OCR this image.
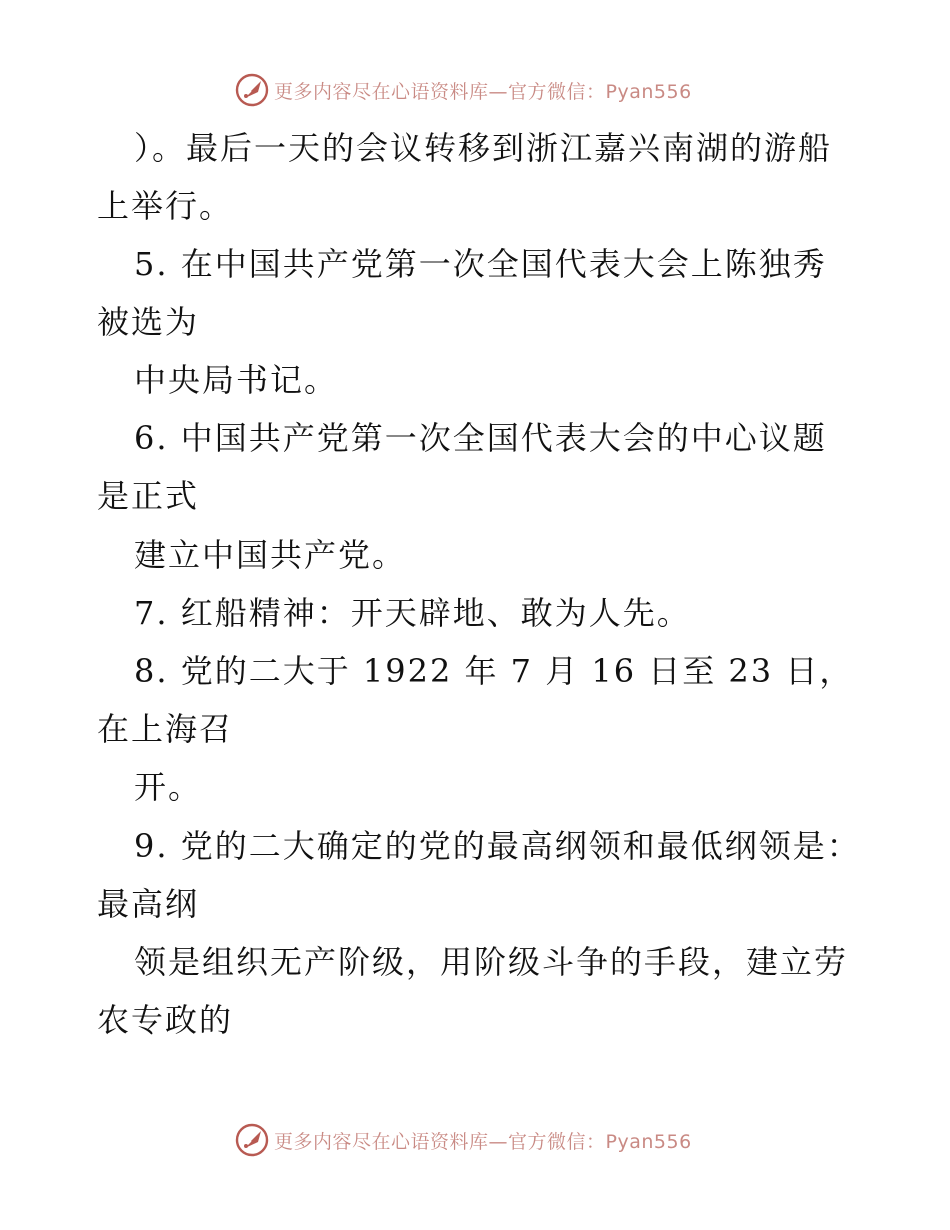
更多内容尽在心语资料库—官方微信：Pyan556
）。最后一天的会议转移到浙江嘉兴南湖的游船
上举行。
5. 在中国共产党第一次全国代表大会上陈独秀
被选为
中央局书记。
6. 中国共产党第一次全国代表大会的中心议题
是正式
建立中国共产党。
7. 红船精神：开天辟地、敢为人先。
8. 党的二大于 1922 年 7 月 16 日至 23 日，
在上海召
开。
9. 党的二大确定的党的最高纲领和最低纲领是：
最高纲
领是组织无产阶级，用阶级斗争的手段，建立劳
农专政的
更多内容尽在心语资料库—官方微信：Pyan556
